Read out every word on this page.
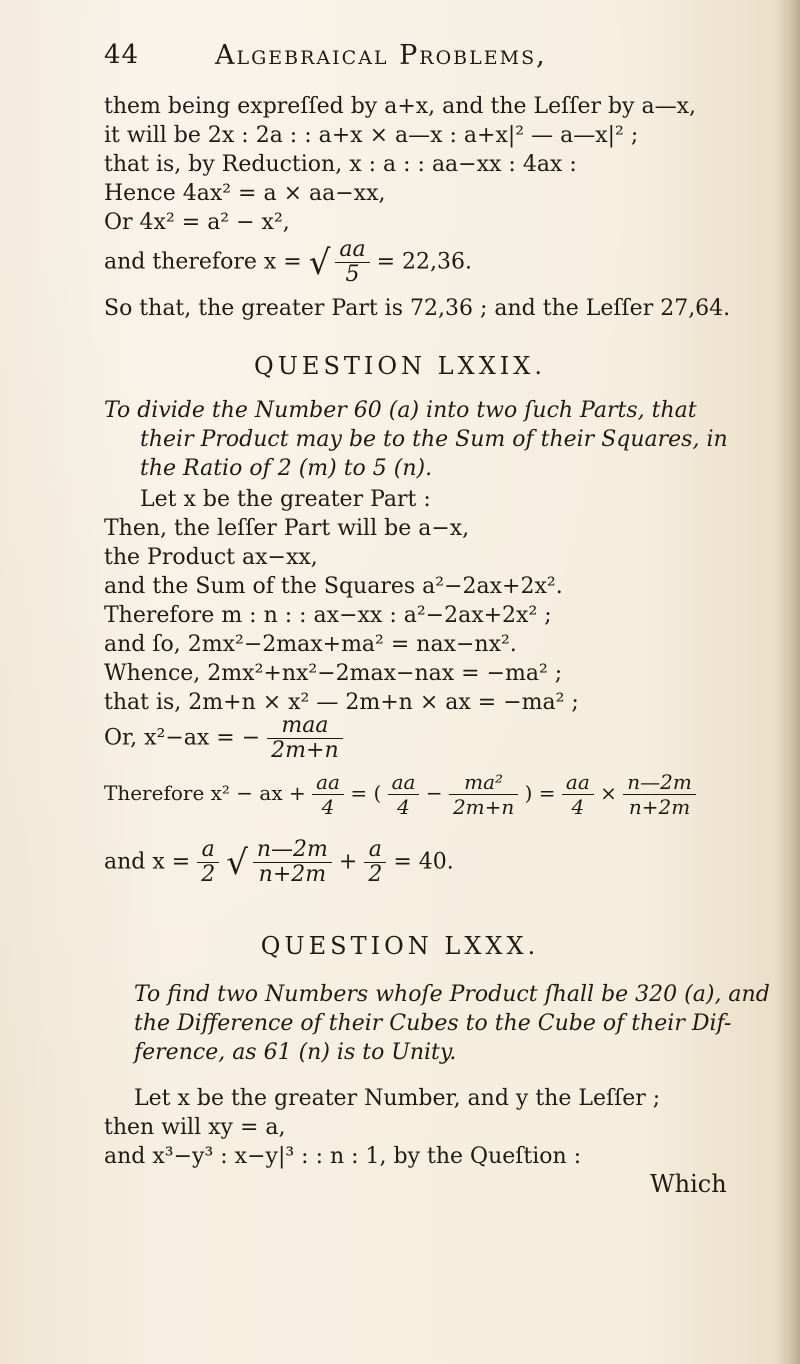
44	Algebraical Problems,
them being expreſſed by a+x, and the Leſſer by a—x,
it will be 2x : 2a : : a+x × a—x : a+x|² — a—x|² ;
that is, by Reduction, x : a : : aa−xx : 4ax :
Hence 4ax² = a × aa−xx,
Or 4x² = a² − x²,
and therefore x = √ $\frac{aa}{5} = 22,36$.
So that, the greater Part is 72,36 ; and the Leſſer 27,64.
QUESTION LXXIX.
To divide the Number 60 (a) into two ſuch Parts, that
their Product may be to the Sum of their Squares, in
the Ratio of 2 (m) to 5 (n).
Let x be the greater Part :
Then, the leſſer Part will be a−x,
the Product ax−xx,
and the Sum of the Squares a²−2ax+2x².
Therefore m : n : : ax−xx : a²−2ax+2x² ;
and ſo, 2mx²−2max+ma² = nax−nx².
Whence, 2mx²+nx²−2max−nax = −ma² ;
that is, 2m+n × x² — 2m+n × ax = −ma² ;
Or, x²−ax = − $\frac{\text{maa}}{2m+n}$
Therefore x² − ax + $\frac{aa}{4}$ = ( $\frac{aa}{4} - \frac{\text{ma²}}{2m+n}$ ) = $\frac{aa}{4} \times \frac{n—2m}{n+2m}$
and $x = \frac{a}{2}$ √ $\frac{n—2m}{n+2m} + \frac{a}{2} = 40$.
QUESTION LXXX.
To find two Numbers whoſe Product ſhall be 320 (a), and
the Difference of their Cubes to the Cube of their Dif-
ference, as 61 (n) is to Unity.
Let x be the greater Number, and y the Leſſer ;
then will xy = a,
and x³−y³ : x−y|³ : : n : 1, by the Queſtion :
Which
